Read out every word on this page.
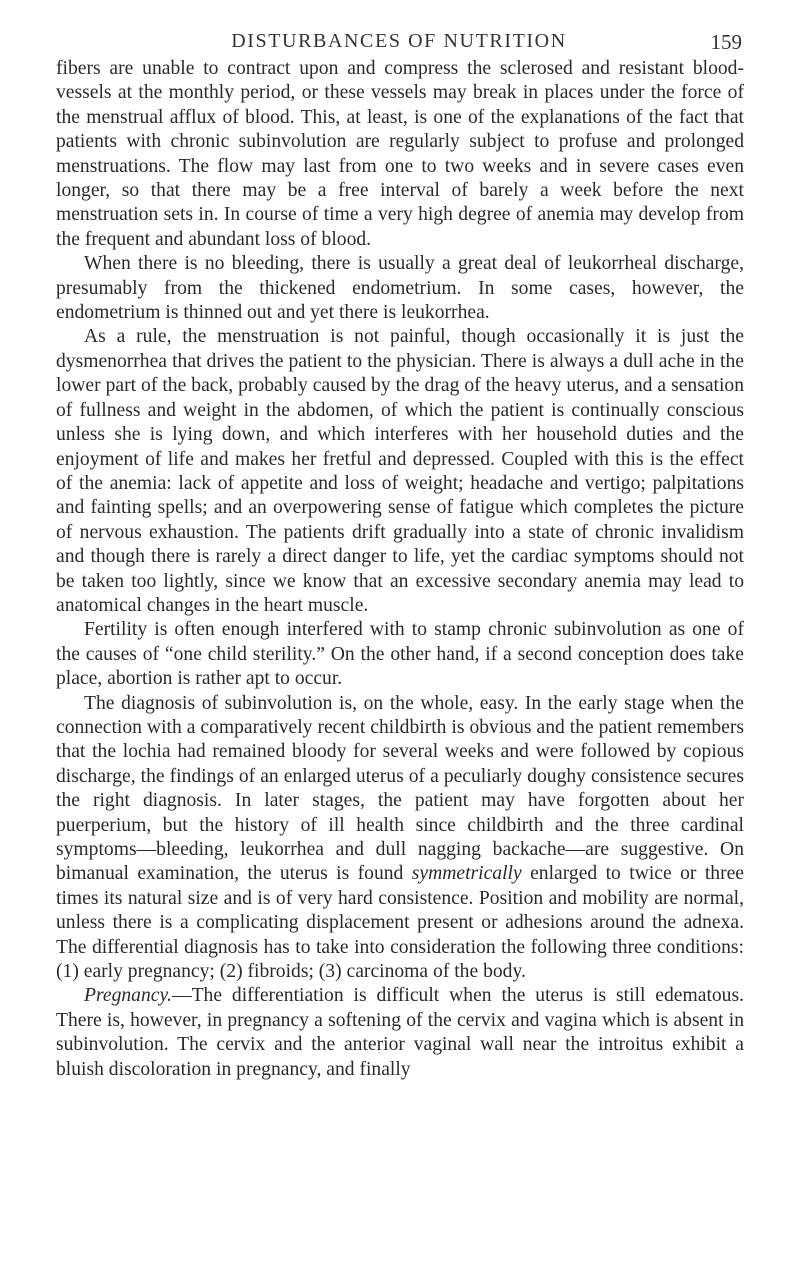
DISTURBANCES OF NUTRITION	159

fibers are unable to contract upon and compress the sclerosed and resistant blood-vessels at the monthly period, or these vessels may break in places under the force of the menstrual afflux of blood. This, at least, is one of the explanations of the fact that patients with chronic subinvolution are regularly subject to profuse and prolonged menstruations. The flow may last from one to two weeks and in severe cases even longer, so that there may be a free interval of barely a week before the next menstruation sets in. In course of time a very high degree of anemia may develop from the frequent and abundant loss of blood.

When there is no bleeding, there is usually a great deal of leukorrheal discharge, presumably from the thickened endometrium. In some cases, however, the endometrium is thinned out and yet there is leukorrhea.

As a rule, the menstruation is not painful, though occasionally it is just the dysmenorrhea that drives the patient to the physician. There is always a dull ache in the lower part of the back, probably caused by the drag of the heavy uterus, and a sensation of fullness and weight in the abdomen, of which the patient is continually conscious unless she is lying down, and which interferes with her household duties and the enjoyment of life and makes her fretful and depressed. Coupled with this is the effect of the anemia: lack of appetite and loss of weight; headache and vertigo; palpitations and fainting spells; and an overpowering sense of fatigue which completes the picture of nervous exhaustion. The patients drift gradually into a state of chronic invalidism and though there is rarely a direct danger to life, yet the cardiac symptoms should not be taken too lightly, since we know that an excessive secondary anemia may lead to anatomical changes in the heart muscle.

Fertility is often enough interfered with to stamp chronic subinvolution as one of the causes of “one child sterility.” On the other hand, if a second conception does take place, abortion is rather apt to occur.

The diagnosis of subinvolution is, on the whole, easy. In the early stage when the connection with a comparatively recent childbirth is obvious and the patient remembers that the lochia had remained bloody for several weeks and were followed by copious discharge, the findings of an enlarged uterus of a peculiarly doughy consistence secures the right diagnosis. In later stages, the patient may have forgotten about her puerperium, but the history of ill health since childbirth and the three cardinal symptoms—bleeding, leukorrhea and dull nagging backache—are suggestive. On bimanual examination, the uterus is found symmetrically enlarged to twice or three times its natural size and is of very hard consistence. Position and mobility are normal, unless there is a complicating displacement present or adhesions around the adnexa. The differential diagnosis has to take into consideration the following three conditions: (1) early pregnancy; (2) fibroids; (3) carcinoma of the body.

Pregnancy.—The differentiation is difficult when the uterus is still edematous. There is, however, in pregnancy a softening of the cervix and vagina which is absent in subinvolution. The cervix and the anterior vaginal wall near the introitus exhibit a bluish discoloration in pregnancy, and finally
